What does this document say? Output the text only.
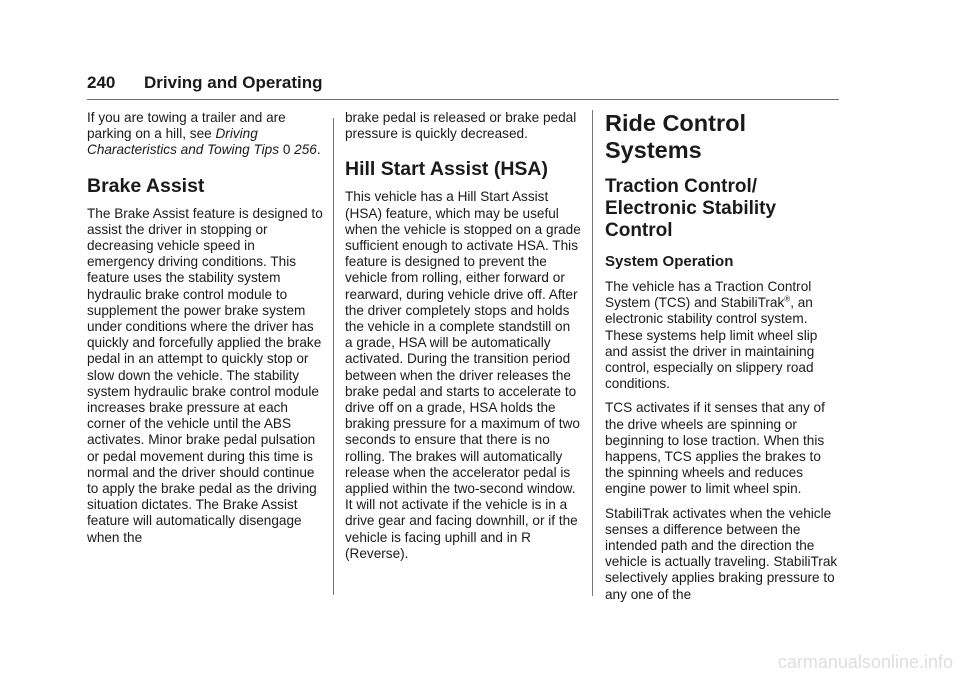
240 Driving and Operating

If you are towing a trailer and are parking on a hill, see Driving Characteristics and Towing Tips 0 256.

Brake Assist

The Brake Assist feature is designed to assist the driver in stopping or decreasing vehicle speed in emergency driving conditions. This feature uses the stability system hydraulic brake control module to supplement the power brake system under conditions where the driver has quickly and forcefully applied the brake pedal in an attempt to quickly stop or slow down the vehicle. The stability system hydraulic brake control module increases brake pressure at each corner of the vehicle until the ABS activates. Minor brake pedal pulsation or pedal movement during this time is normal and the driver should continue to apply the brake pedal as the driving situation dictates. The Brake Assist feature will automatically disengage when the

brake pedal is released or brake pedal pressure is quickly decreased.

Hill Start Assist (HSA)

This vehicle has a Hill Start Assist (HSA) feature, which may be useful when the vehicle is stopped on a grade sufficient enough to activate HSA. This feature is designed to prevent the vehicle from rolling, either forward or rearward, during vehicle drive off. After the driver completely stops and holds the vehicle in a complete standstill on a grade, HSA will be automatically activated. During the transition period between when the driver releases the brake pedal and starts to accelerate to drive off on a grade, HSA holds the braking pressure for a maximum of two seconds to ensure that there is no rolling. The brakes will automatically release when the accelerator pedal is applied within the two-second window. It will not activate if the vehicle is in a drive gear and facing downhill, or if the vehicle is facing uphill and in R (Reverse).

Ride Control Systems
Traction Control/
Electronic Stability
Control
System Operation

The vehicle has a Traction Control System (TCS) and StabiliTrak®, an electronic stability control system. These systems help limit wheel slip and assist the driver in maintaining control, especially on slippery road conditions.

TCS activates if it senses that any of the drive wheels are spinning or beginning to lose traction. When this happens, TCS applies the brakes to the spinning wheels and reduces engine power to limit wheel spin.

StabiliTrak activates when the vehicle senses a difference between the intended path and the direction the vehicle is actually traveling. StabiliTrak selectively applies braking pressure to any one of the

carmanualsonline.info
